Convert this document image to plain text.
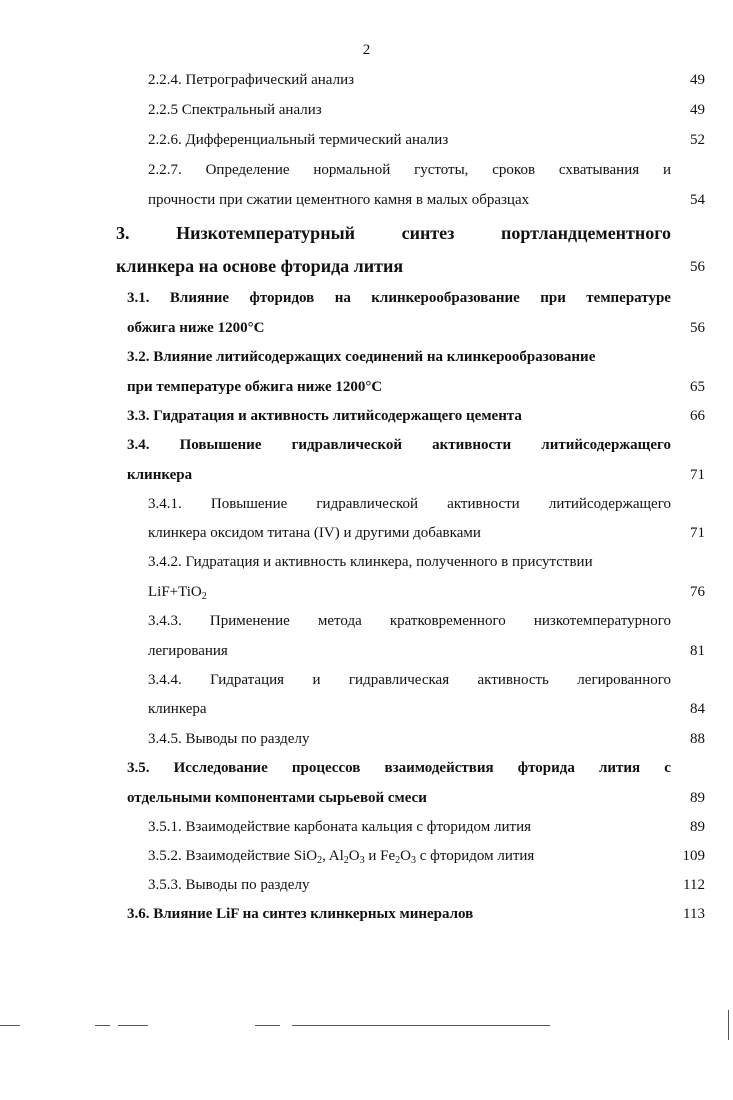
2
2.2.4. Петрографический анализ	49
2.2.5 Спектральный анализ	49
2.2.6. Дифференциальный термический анализ	52
2.2.7. Определение нормальной густоты, сроков схватывания и
прочности при сжатии цементного камня в малых образцах	54
3.	Низкотемпературный	синтез	портландцементного
клинкера на основе фторида лития	56
3.1. Влияние фторидов на клинкерообразование при температуре
обжига ниже 1200°С	56
3.2. Влияние литийсодержащих соединений на клинкерообразование
при температуре обжига ниже 1200°С	65
3.3. Гидратация и активность литийсодержащего цемента	66
3.4. Повышение гидравлической активности литийсодержащего
клинкера	71
3.4.1. Повышение гидравлической активности литийсодержащего
клинкера оксидом титана (IV) и другими добавками	71
3.4.2. Гидратация и активность клинкера, полученного в присутствии
LiF+TiO$_2$	76
3.4.3. Применение метода кратковременного низкотемпературного
легирования	81
3.4.4. Гидратация и гидравлическая активность легированного
клинкера	84
3.4.5. Выводы по разделу	88
3.5. Исследование процессов взаимодействия фторида лития с
отдельными компонентами сырьевой смеси	89
3.5.1. Взаимодействие карбоната кальция с фторидом лития	89
3.5.2. Взаимодействие SiO$_2$, $Al_2O_3$ и $Fe_2O_3$ с фторидом лития	109
3.5.3. Выводы по разделу	112
3.6. Влияние LiF на синтез клинкерных минералов	113
